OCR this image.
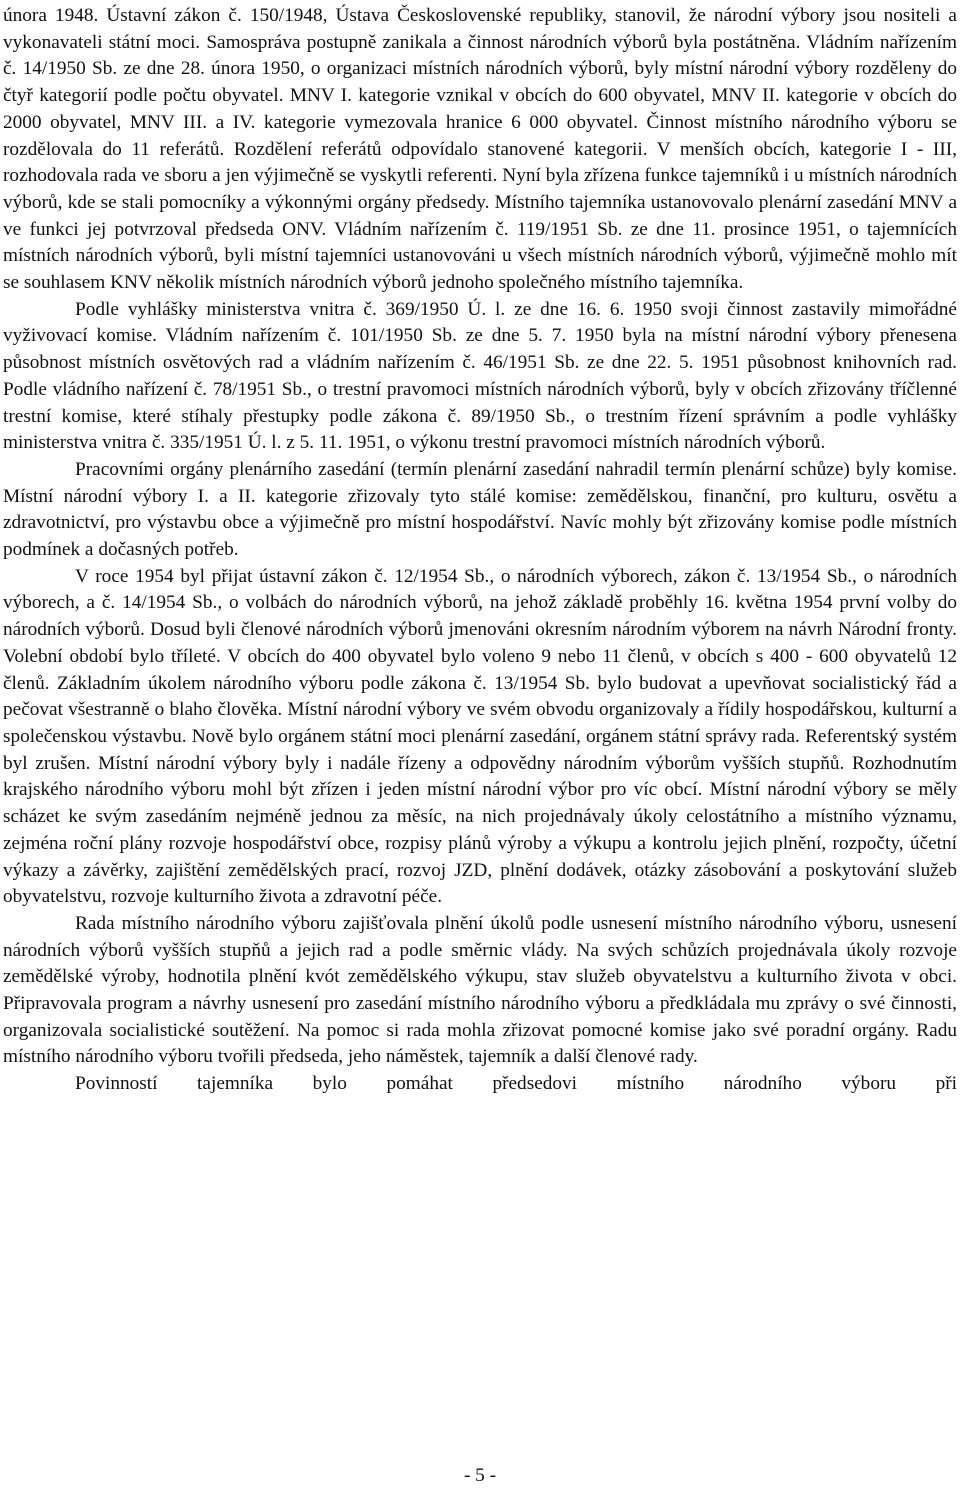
února 1948. Ústavní zákon č. 150/1948, Ústava Československé republiky, stanovil, že národní výbory jsou nositeli a vykonavateli státní moci. Samospráva postupně zanikala a činnost národních výborů byla postátněna. Vládním nařízením č. 14/1950 Sb. ze dne 28. února 1950, o organizaci místních národních výborů, byly místní národní výbory rozděleny do čtyř kategorií podle počtu obyvatel. MNV I. kategorie vznikal v obcích do 600 obyvatel, MNV II. kategorie v obcích do 2000 obyvatel, MNV III. a IV. kategorie vymezovala hranice 6 000 obyvatel. Činnost místního národního výboru se rozdělovala do 11 referátů. Rozdělení referátů odpovídalo stanovené kategorii. V menších obcích, kategorie I - III, rozhodovala rada ve sboru a jen výjimečně se vyskytli referenti. Nyní byla zřízena funkce tajemníků i u místních národních výborů, kde se stali pomocníky a výkonnými orgány předsedy. Místního tajemníka ustanovovalo plenární zasedání MNV a ve funkci jej potvrzoval předseda ONV. Vládním nařízením č. 119/1951 Sb. ze dne 11. prosince 1951, o tajemnících místních národních výborů, byli místní tajemníci ustanovováni u všech místních národních výborů, výjimečně mohlo mít se souhlasem KNV několik místních národních výborů jednoho společného místního tajemníka.

Podle vyhlášky ministerstva vnitra č. 369/1950 Ú. l. ze dne 16. 6. 1950 svoji činnost zastavily mimořádné vyživovací komise. Vládním nařízením č. 101/1950 Sb. ze dne 5. 7. 1950 byla na místní národní výbory přenesena působnost místních osvětových rad a vládním nařízením č. 46/1951 Sb. ze dne 22. 5. 1951 působnost knihovních rad. Podle vládního nařízení č. 78/1951 Sb., o trestní pravomoci místních národních výborů, byly v obcích zřizovány tříčlenné trestní komise, které stíhaly přestupky podle zákona č. 89/1950 Sb., o trestním řízení správním a podle vyhlášky ministerstva vnitra č. 335/1951 Ú. l. z 5. 11. 1951, o výkonu trestní pravomoci místních národních výborů.

Pracovními orgány plenárního zasedání (termín plenární zasedání nahradil termín plenární schůze) byly komise. Místní národní výbory I. a II. kategorie zřizovaly tyto stálé komise: zemědělskou, finanční, pro kulturu, osvětu a zdravotnictví, pro výstavbu obce a výjimečně pro místní hospodářství. Navíc mohly být zřizovány komise podle místních podmínek a dočasných potřeb.

V roce 1954 byl přijat ústavní zákon č. 12/1954 Sb., o národních výborech, zákon č. 13/1954 Sb., o národních výborech, a č. 14/1954 Sb., o volbách do národních výborů, na jehož základě proběhly 16. května 1954 první volby do národních výborů. Dosud byli členové národních výborů jmenováni okresním národním výborem na návrh Národní fronty. Volební období bylo tříleté. V obcích do 400 obyvatel bylo voleno 9 nebo 11 členů, v obcích s 400 - 600 obyvatelů 12 členů. Základním úkolem národního výboru podle zákona č. 13/1954 Sb. bylo budovat a upevňovat socialistický řád a pečovat všestranně o blaho člověka. Místní národní výbory ve svém obvodu organizovaly a řídily hospodářskou, kulturní a společenskou výstavbu. Nově bylo orgánem státní moci plenární zasedání, orgánem státní správy rada. Referentský systém byl zrušen. Místní národní výbory byly i nadále řízeny a odpovědny národním výborům vyšších stupňů. Rozhodnutím krajského národního výboru mohl být zřízen i jeden místní národní výbor pro víc obcí. Místní národní výbory se měly scházet ke svým zasedáním nejméně jednou za měsíc, na nich projednávaly úkoly celostátního a místního významu, zejména roční plány rozvoje hospodářství obce, rozpisy plánů výroby a výkupu a kontrolu jejich plnění, rozpočty, účetní výkazy a závěrky, zajištění zemědělských prací, rozvoj JZD, plnění dodávek, otázky zásobování a poskytování služeb obyvatelstvu, rozvoje kulturního života a zdravotní péče.

Rada místního národního výboru zajišťovala plnění úkolů podle usnesení místního národního výboru, usnesení národních výborů vyšších stupňů a jejich rad a podle směrnic vlády. Na svých schůzích projednávala úkoly rozvoje zemědělské výroby, hodnotila plnění kvót zemědělského výkupu, stav služeb obyvatelstvu a kulturního života v obci. Připravovala program a návrhy usnesení pro zasedání místního národního výboru a předkládala mu zprávy o své činnosti, organizovala socialistické soutěžení. Na pomoc si rada mohla zřizovat pomocné komise jako své poradní orgány. Radu místního národního výboru tvořili předseda, jeho náměstek, tajemník a další členové rady.

Povinností tajemníka bylo pomáhat předsedovi místního národního výboru při

- 5 -
